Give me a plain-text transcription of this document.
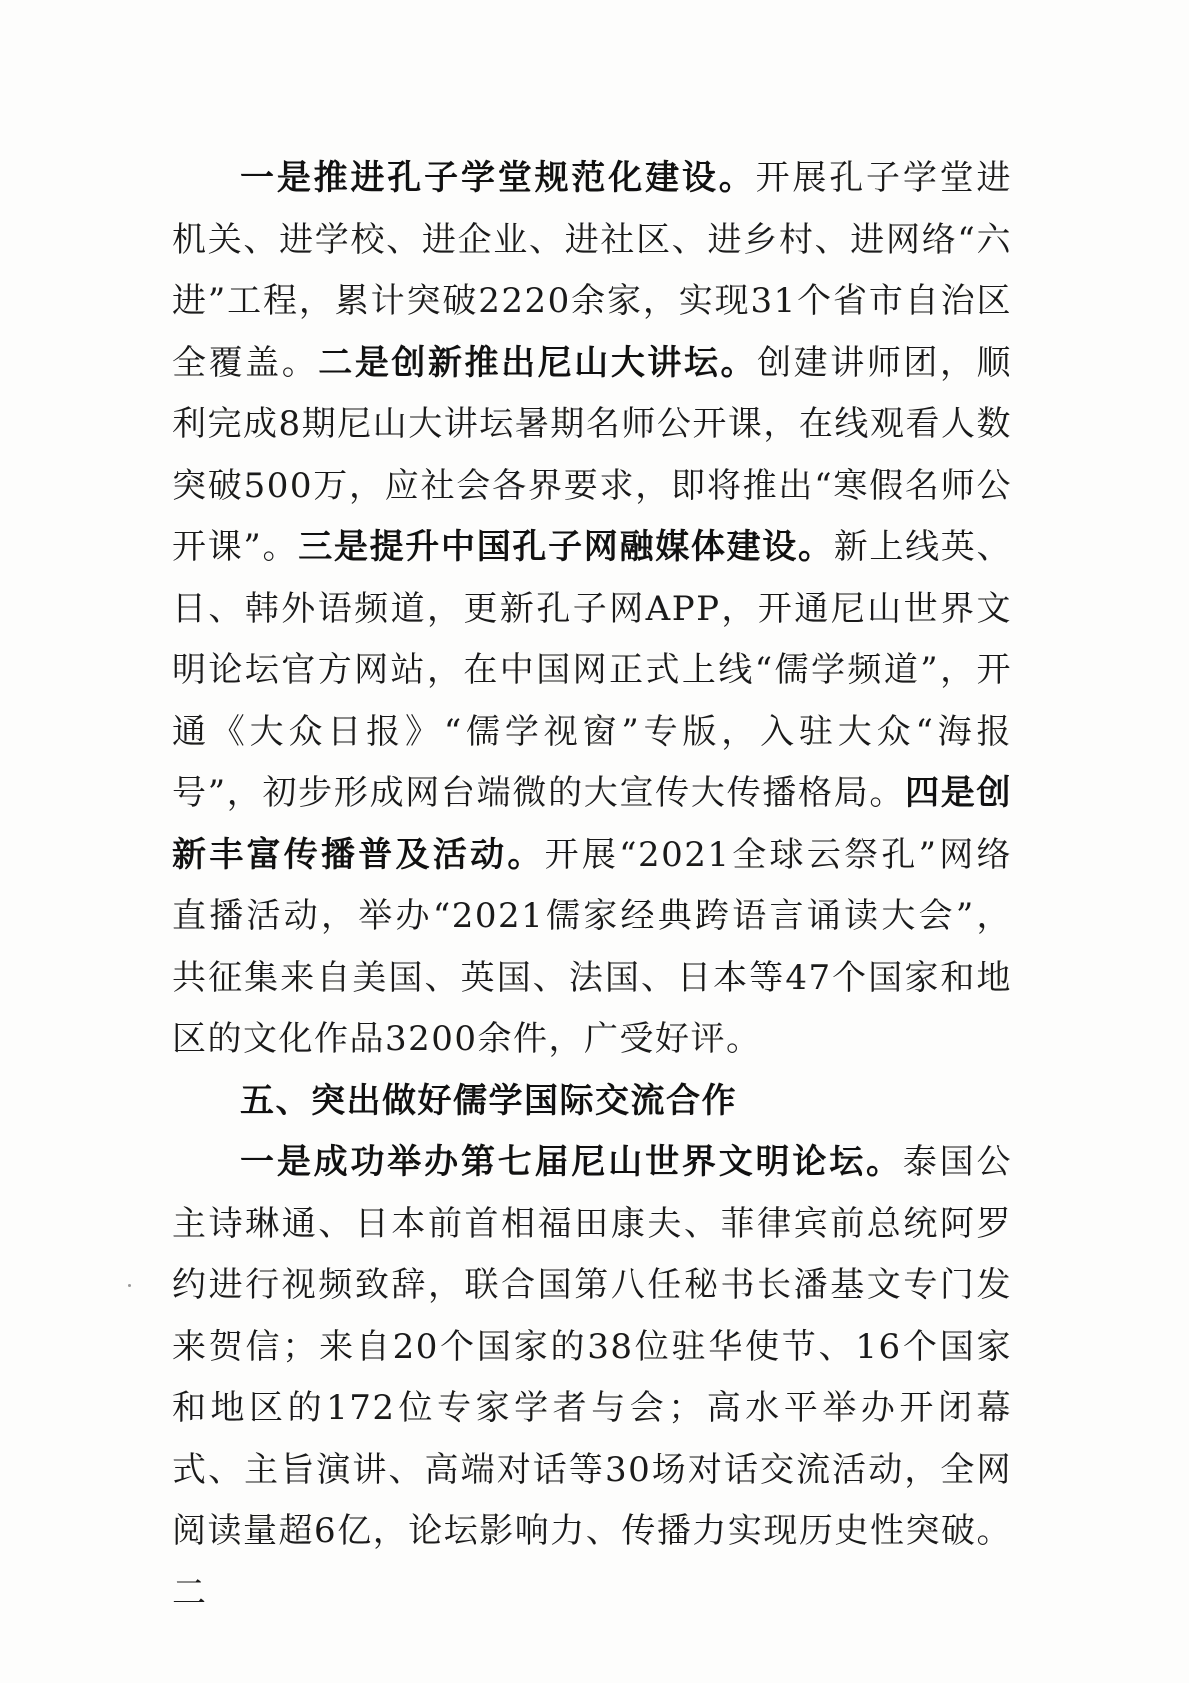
一是推进孔子学堂规范化建设。开展孔子学堂进机关、进学校、进企业、进社区、进乡村、进网络“六进”工程，累计突破2220余家，实现31个省市自治区全覆盖。二是创新推出尼山大讲坛。创建讲师团，顺利完成8期尼山大讲坛暑期名师公开课，在线观看人数突破500万，应社会各界要求，即将推出“寒假名师公开课”。三是提升中国孔子网融媒体建设。新上线英、日、韩外语频道，更新孔子网APP，开通尼山世界文明论坛官方网站，在中国网正式上线“儒学频道”，开通《大众日报》“儒学视窗”专版，入驻大众“海报号”，初步形成网台端微的大宣传大传播格局。四是创新丰富传播普及活动。开展“2021全球云祭孔”网络直播活动，举办“2021儒家经典跨语言诵读大会”，共征集来自美国、英国、法国、日本等47个国家和地区的文化作品3200余件，广受好评。

五、突出做好儒学国际交流合作

一是成功举办第七届尼山世界文明论坛。泰国公主诗琳通、日本前首相福田康夫、菲律宾前总统阿罗约进行视频致辞，联合国第八任秘书长潘基文专门发来贺信；来自20个国家的38位驻华使节、16个国家和地区的172位专家学者与会；高水平举办开闭幕式、主旨演讲、高端对话等30场对话交流活动，全网阅读量超6亿，论坛影响力、传播力实现历史性突破。二
